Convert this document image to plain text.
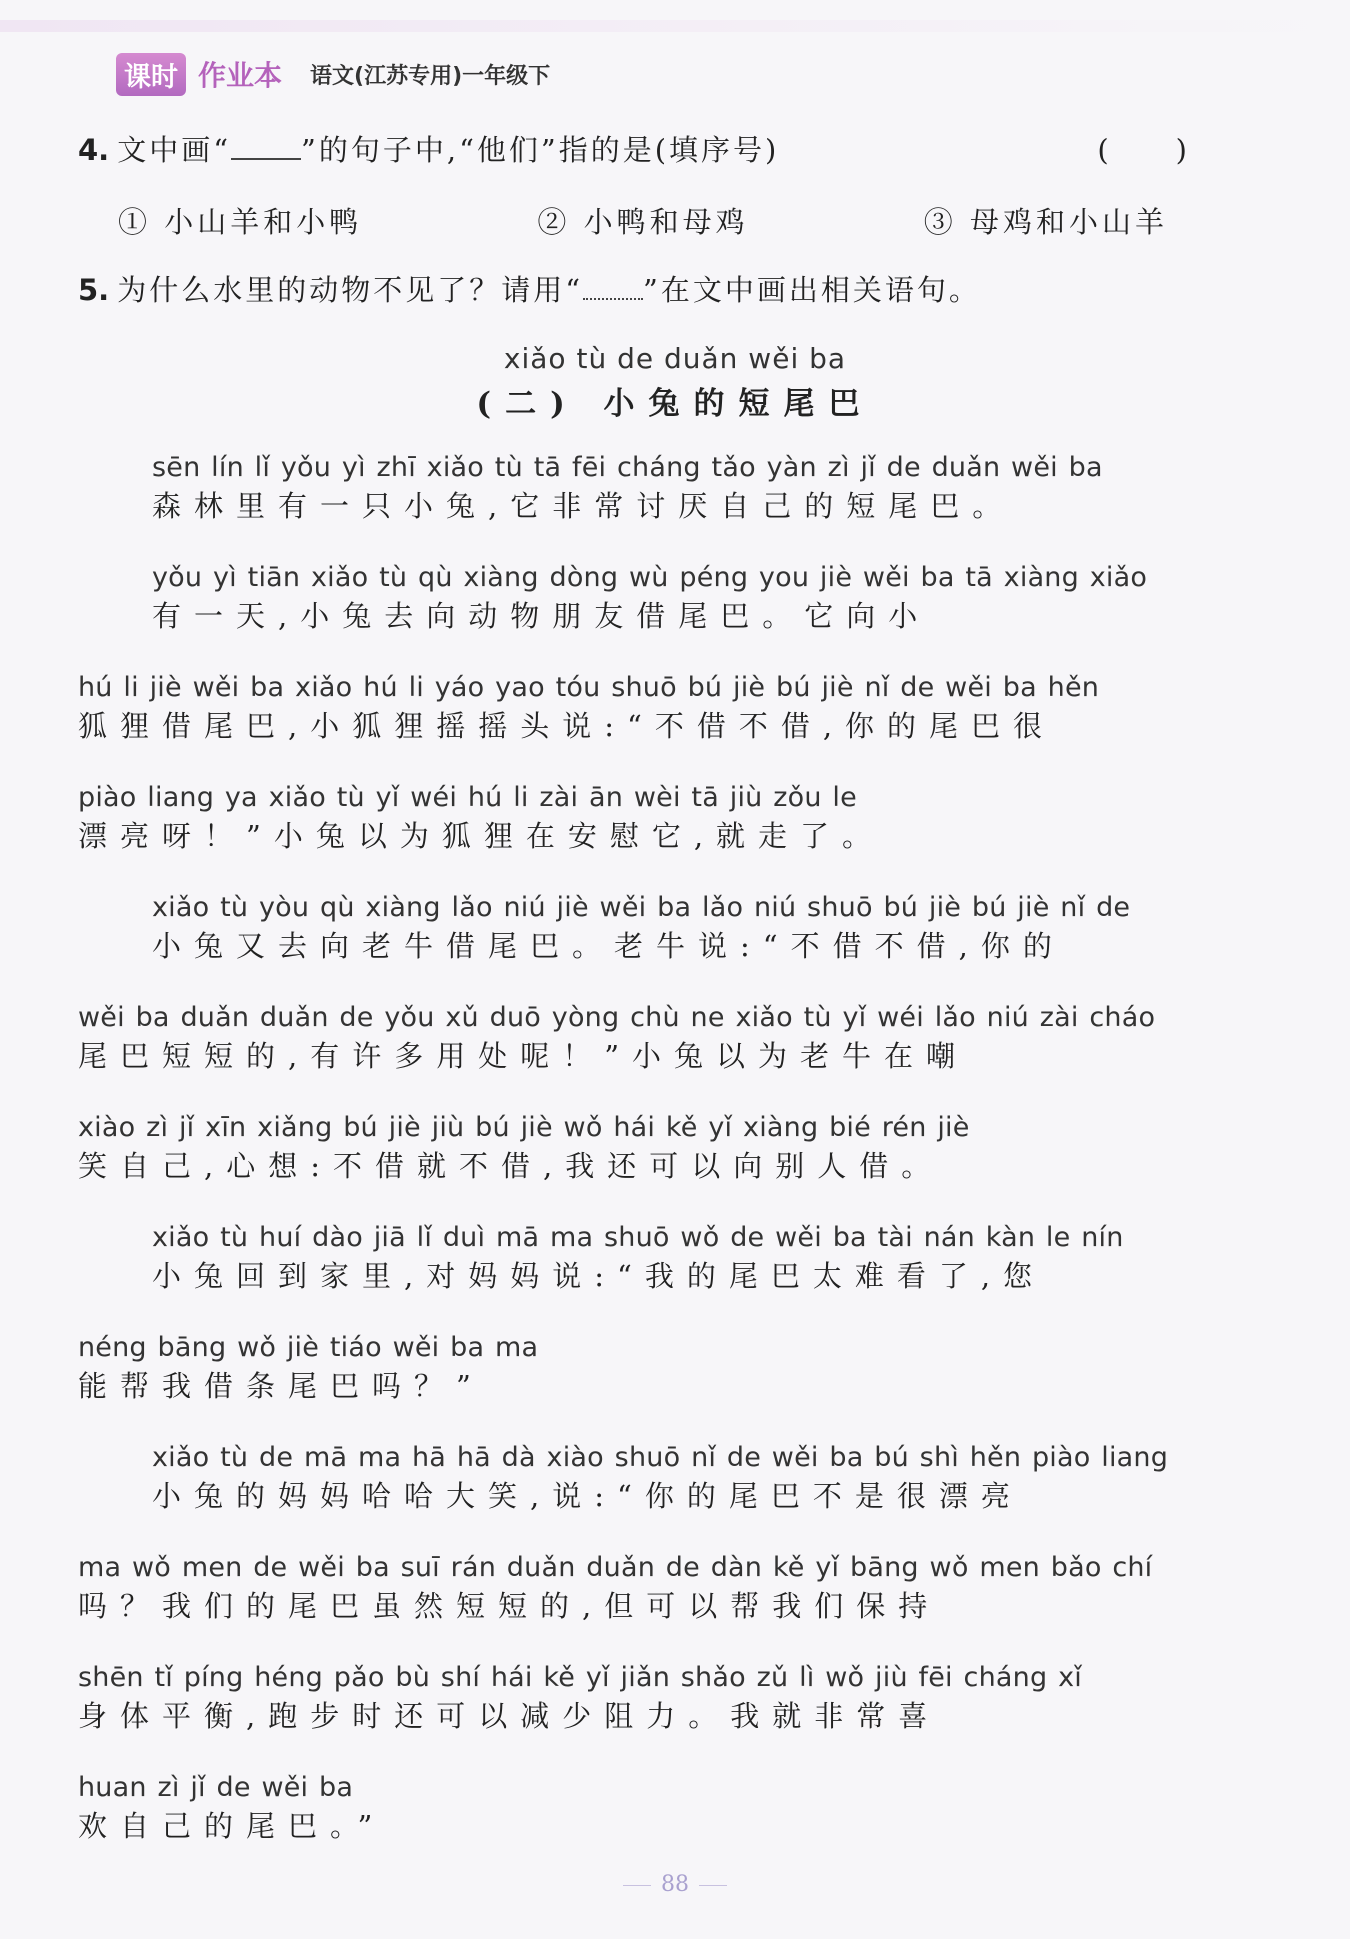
课时 作业本 语文(江苏专用)一年级下
4. 文中画“ ”的句子中,“他们”指的是(填序号)	(　　)
① 小山羊和小鸭	② 小鸭和母鸡	③ 母鸡和小山羊
5. 为什么水里的动物不见了？请用“ ”在文中画出相关语句。
xiǎo tù de duǎn wěi ba
(二) 小兔的短尾巴
sēn lín lǐ yǒu yì zhī xiǎo tù tā fēi cháng tǎo yàn zì jǐ de duǎn wěi ba
森林里有一只小兔,它非常讨厌自己的短尾巴。
yǒu yì tiān xiǎo tù qù xiàng dòng wù péng you jiè wěi ba tā xiàng xiǎo
有一天,小兔去向动物朋友借尾巴。它向小
hú li jiè wěi ba xiǎo hú li yáo yao tóu shuō bú jiè bú jiè nǐ de wěi ba hěn
狐狸借尾巴,小狐狸摇摇头说:“不借不借,你的尾巴很
piào liang ya xiǎo tù yǐ wéi hú li zài ān wèi tā jiù zǒu le
漂亮呀！”小兔以为狐狸在安慰它,就走了。
xiǎo tù yòu qù xiàng lǎo niú jiè wěi ba lǎo niú shuō bú jiè bú jiè nǐ de
小兔又去向老牛借尾巴。老牛说:“不借不借,你的
wěi ba duǎn duǎn de yǒu xǔ duō yòng chù ne xiǎo tù yǐ wéi lǎo niú zài cháo
尾巴短短的,有许多用处呢！”小兔以为老牛在嘲
xiào zì jǐ xīn xiǎng bú jiè jiù bú jiè wǒ hái kě yǐ xiàng bié rén jiè
笑自己,心想:不借就不借,我还可以向别人借。
xiǎo tù huí dào jiā lǐ duì mā ma shuō wǒ de wěi ba tài nán kàn le nín
小兔回到家里,对妈妈说:“我的尾巴太难看了,您
néng bāng wǒ jiè tiáo wěi ba ma
能帮我借条尾巴吗？”
xiǎo tù de mā ma hā hā dà xiào shuō nǐ de wěi ba bú shì hěn piào liang
小兔的妈妈哈哈大笑,说:“你的尾巴不是很漂亮
ma wǒ men de wěi ba suī rán duǎn duǎn de dàn kě yǐ bāng wǒ men bǎo chí
吗？我们的尾巴虽然短短的,但可以帮我们保持
shēn tǐ píng héng pǎo bù shí hái kě yǐ jiǎn shǎo zǔ lì wǒ jiù fēi cháng xǐ
身体平衡,跑步时还可以减少阻力。我就非常喜
huan zì jǐ de wěi ba
欢自己的尾巴。”
88
